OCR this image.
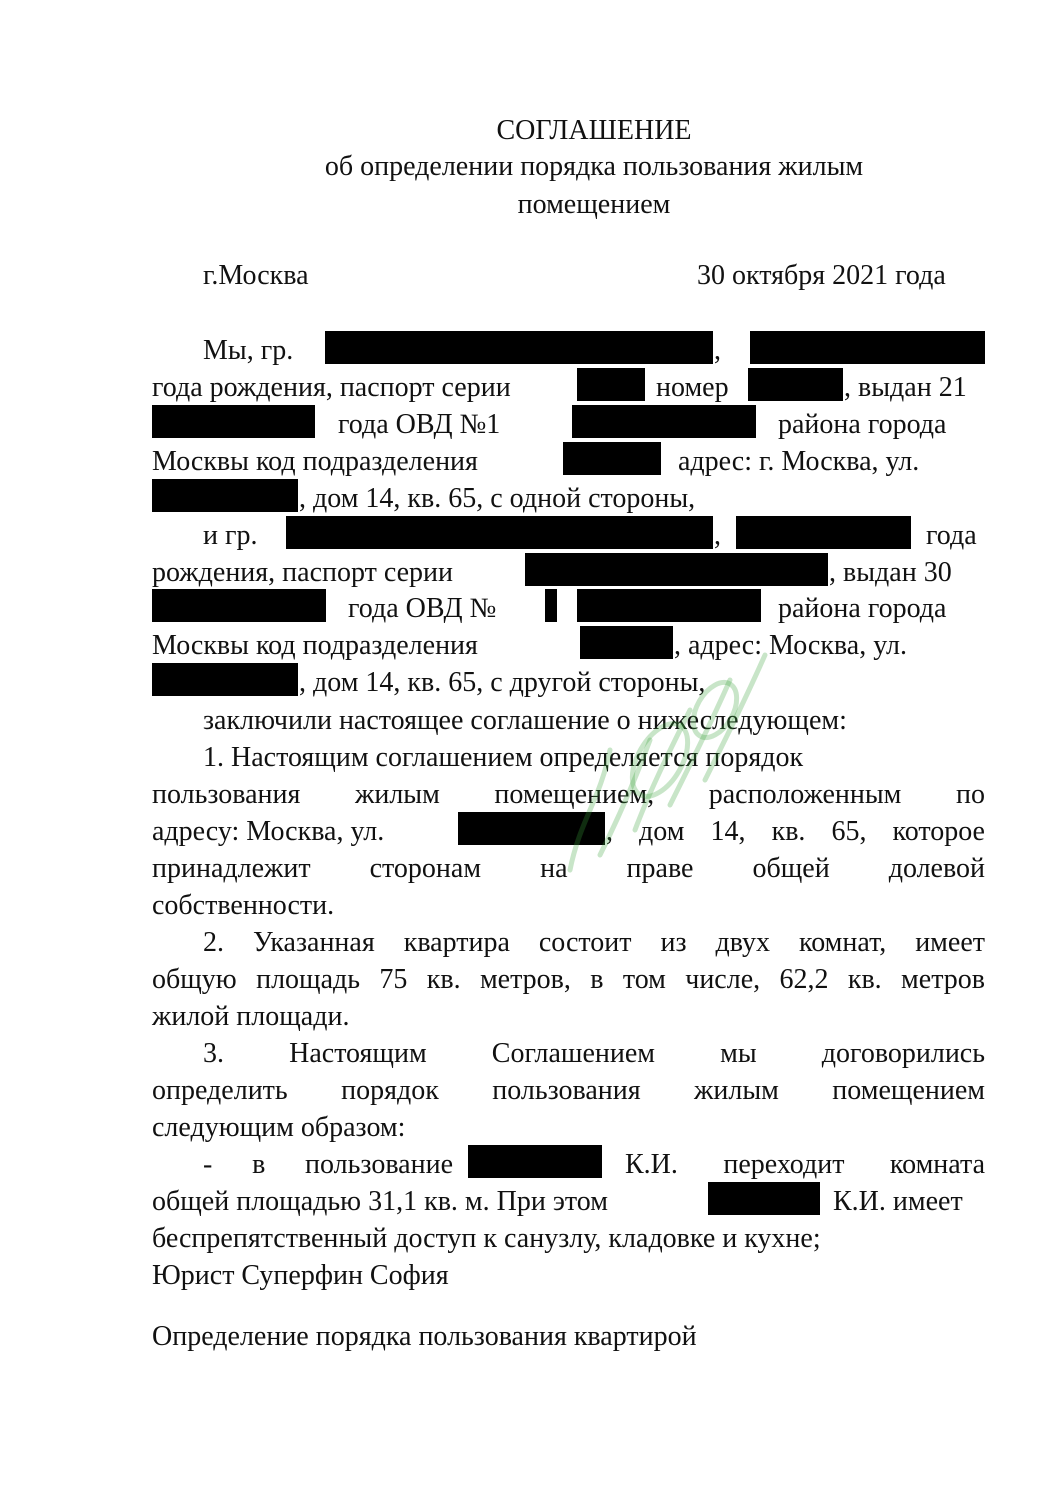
СОГЛАШЕНИЕ
об определении порядка пользования жилым
помещением
г.Москва	30 октября 2021 года
Мы, гр.	,
года рождения, паспорт серии	номер	, выдан 21
года ОВД №1	района города
Москвы код подразделения	адрес: г. Москва, ул.
, дом 14, кв. 65, с одной стороны,
и гр.	,	года
рождения, паспорт серии	, выдан 30
года ОВД №	района города
Москвы код подразделения	, адрес: Москва, ул.
, дом 14, кв. 65, с другой стороны,
заключили настоящее соглашение о нижеследующем:
1. Настоящим соглашением определяется порядок
пользования жилым помещением, расположенным по
адресу: Москва, ул.	, дом 14, кв. 65, которое
принадлежит сторонам на праве общей долевой
собственности.
2. Указанная квартира состоит из двух комнат, имеет
общую площадь 75 кв. метров, в том числе, 62,2 кв. метров
жилой площади.
3. Настоящим Соглашением мы договорились
определить порядок пользования жилым помещением
следующим образом:
- в пользование	К.И. переходит комната
общей площадью 31,1 кв. м. При этом	К.И. имеет
беспрепятственный доступ к санузлу, кладовке и кухне;
Юрист Суперфин София
Определение порядка пользования квартирой
